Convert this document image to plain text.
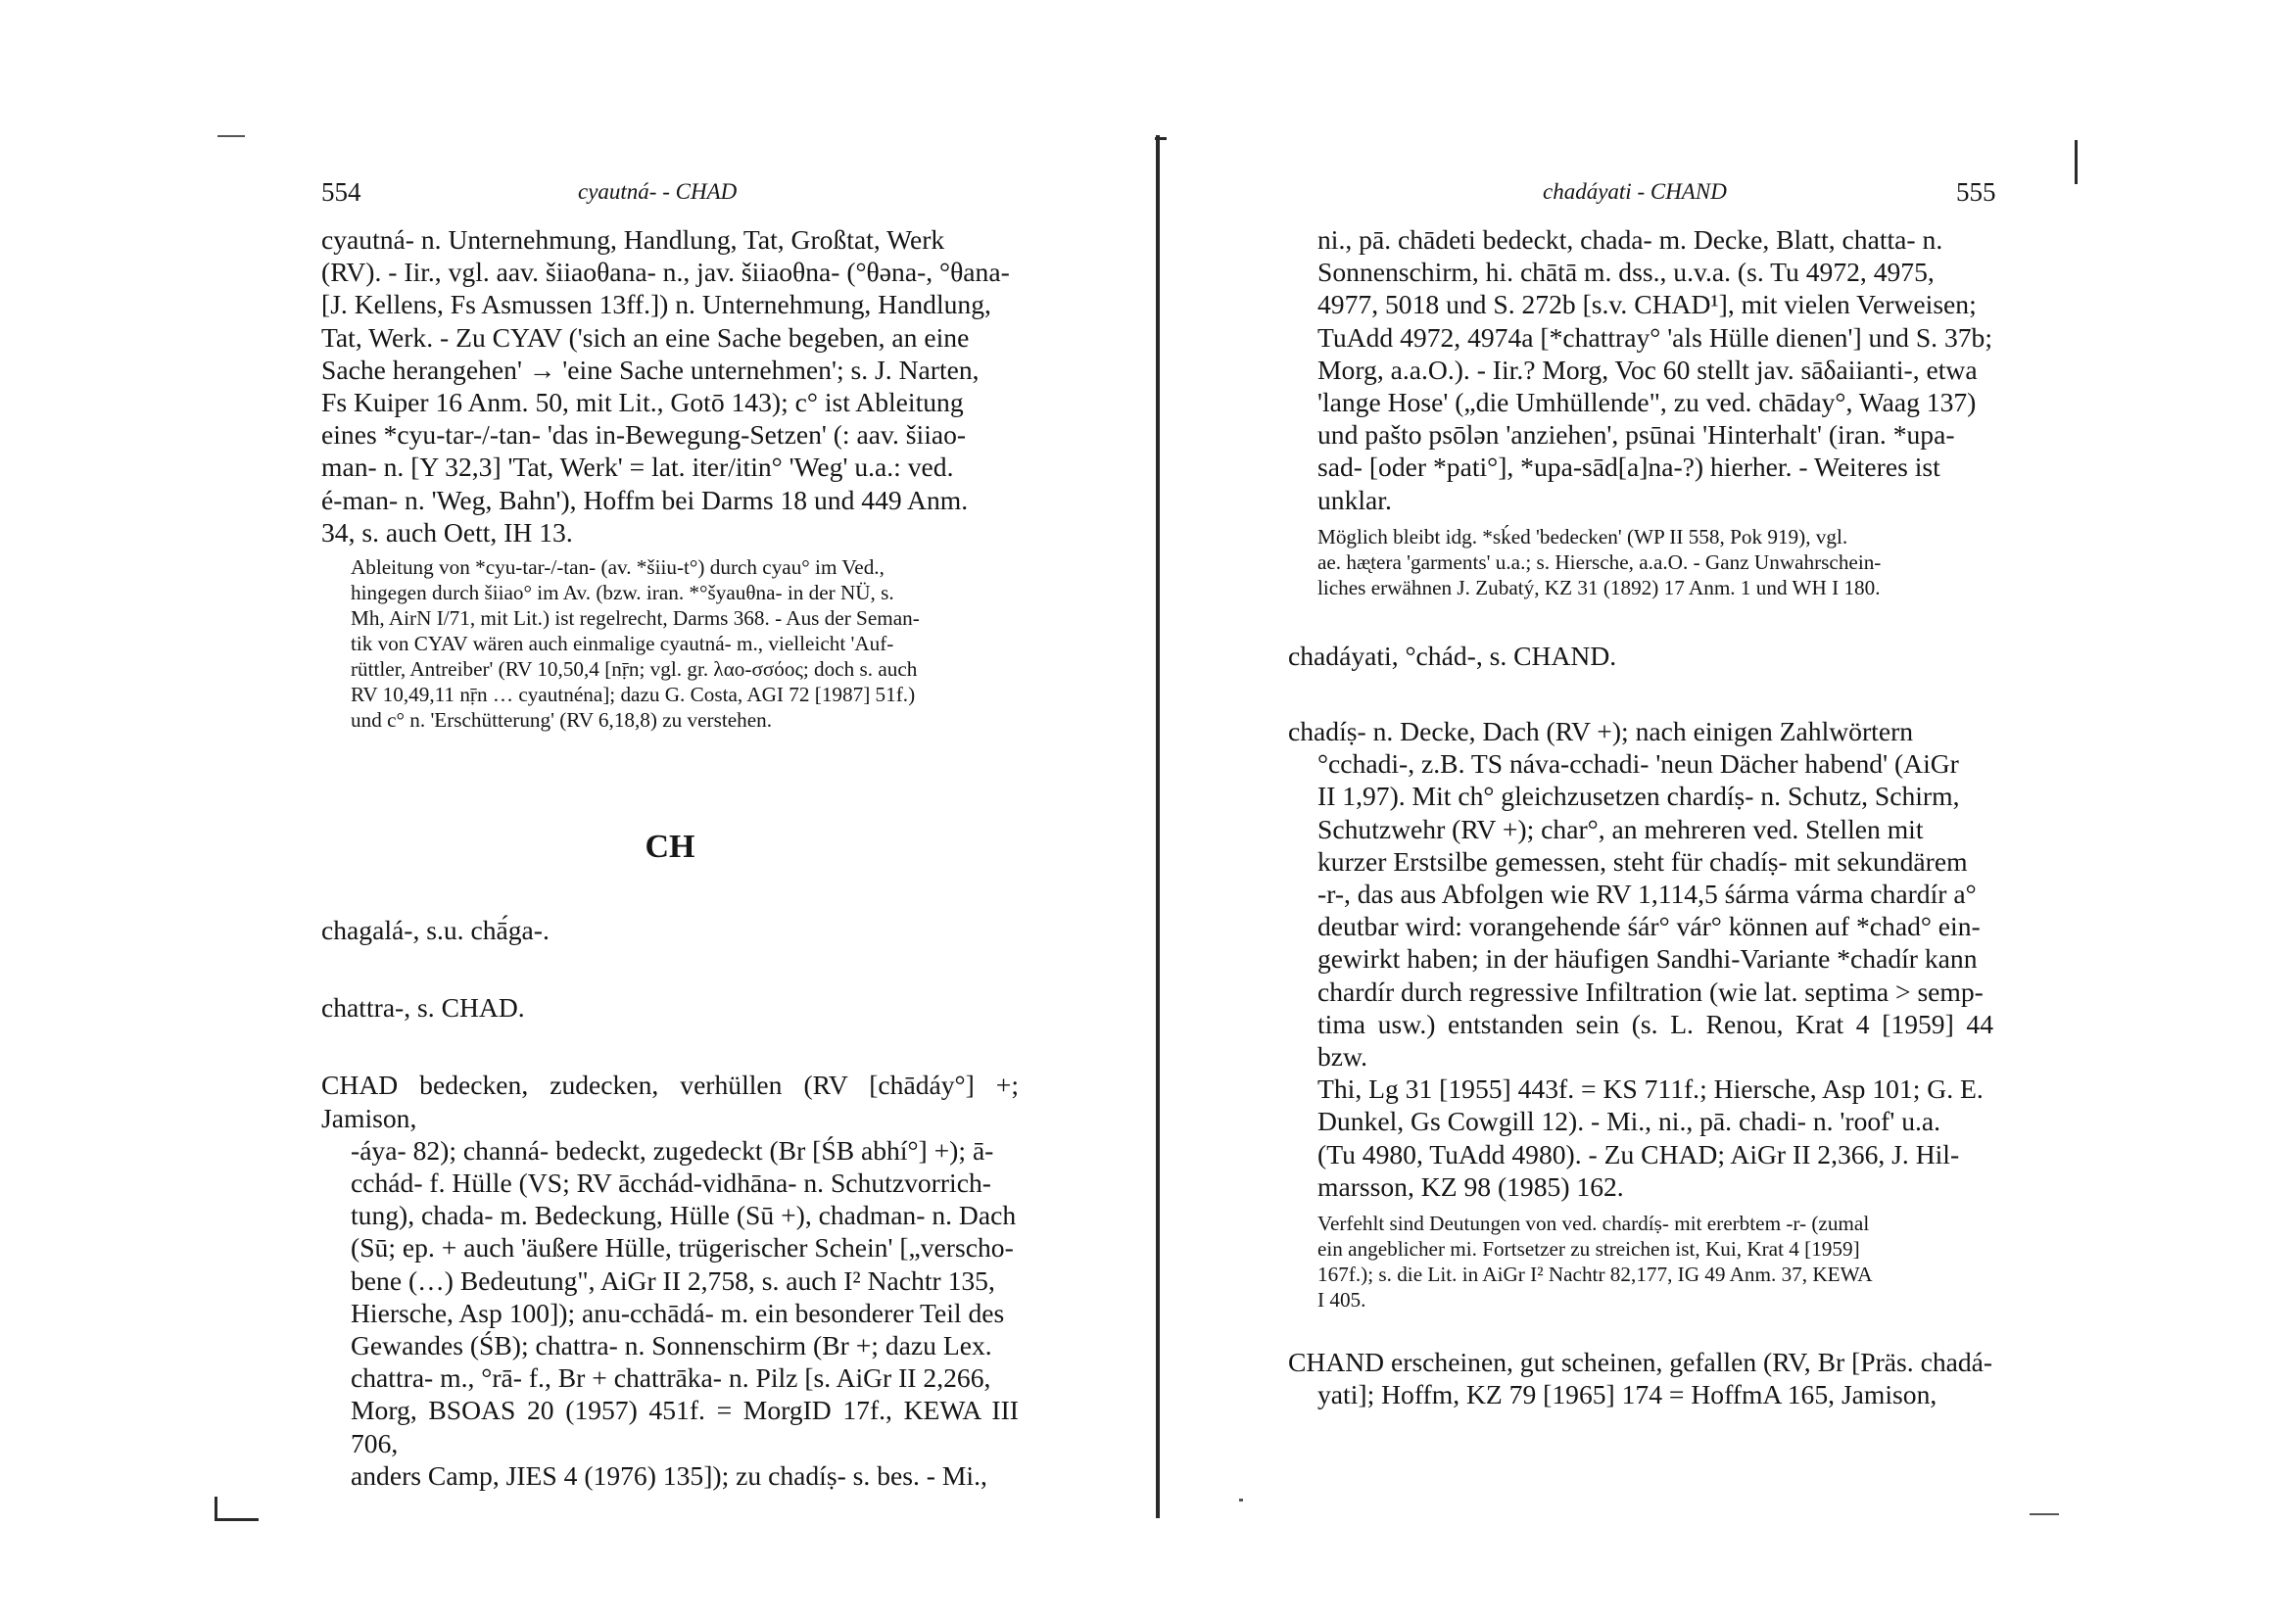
554	cyautná- - CHAD
cyautná- n. Unternehmung, Handlung, Tat, Großtat, Werk
(RV). - Iir., vgl. aav. šiiaoθana- n., jav. šiiaoθna- (°θəna-, °θana-
[J. Kellens, Fs Asmussen 13ff.]) n. Unternehmung, Handlung,
Tat, Werk. - Zu CYAV ('sich an eine Sache begeben, an eine
Sache herangehen' → 'eine Sache unternehmen'; s. J. Narten,
Fs Kuiper 16 Anm. 50, mit Lit., Gotō 143); c° ist Ableitung
eines *cyu-tar-/-tan- 'das in-Bewegung-Setzen' (: aav. šiiao-
man- n. [Y 32,3] 'Tat, Werk' = lat. iter/itin° 'Weg' u.a.: ved.
é-man- n. 'Weg, Bahn'), Hoffm bei Darms 18 und 449 Anm.
34, s. auch Oett, IH 13.
Ableitung von *cyu-tar-/-tan- (av. *šiiu-t°) durch cyau° im Ved.,
hingegen durch šiiao° im Av. (bzw. iran. *°šyauθna- in der NÜ, s.
Mh, AirN I/71, mit Lit.) ist regelrecht, Darms 368. - Aus der Seman-
tik von CYAV wären auch einmalige cyautná- m., vielleicht 'Auf-
rüttler, Antreiber' (RV 10,50,4 [nṝn; vgl. gr. λαο-σσόος; doch s. auch
RV 10,49,11 nṝn … cyautnéna]; dazu G. Costa, AGI 72 [1987] 51f.)
und c° n. 'Erschütterung' (RV 6,18,8) zu verstehen.
CH
chagalá-, s.u. chā́ga-.
chattra-, s. CHAD.
CHAD bedecken, zudecken, verhüllen (RV [chādáy°] +; Jamison,
-áya- 82); channá- bedeckt, zugedeckt (Br [ŚB abhí°] +); ā-
cchád- f. Hülle (VS; RV ācchád-vidhāna- n. Schutzvorrich-
tung), chada- m. Bedeckung, Hülle (Sū +), chadman- n. Dach
(Sū; ep. + auch 'äußere Hülle, trügerischer Schein' [„verscho-
bene (…) Bedeutung", AiGr II 2,758, s. auch I² Nachtr 135,
Hiersche, Asp 100]); anu-cchādá- m. ein besonderer Teil des
Gewandes (ŚB); chattra- n. Sonnenschirm (Br +; dazu Lex.
chattra- m., °rā- f., Br + chattrāka- n. Pilz [s. AiGr II 2,266,
Morg, BSOAS 20 (1957) 451f. = MorgID 17f., KEWA III 706,
anders Camp, JIES 4 (1976) 135]); zu chadíṣ- s. bes. - Mi.,
chadáyati - CHAND	555
ni., pā. chādeti bedeckt, chada- m. Decke, Blatt, chatta- n.
Sonnenschirm, hi. chātā m. dss., u.v.a. (s. Tu 4972, 4975,
4977, 5018 und S. 272b [s.v. CHAD¹], mit vielen Verweisen;
TuAdd 4972, 4974a [*chattray° 'als Hülle dienen'] und S. 37b;
Morg, a.a.O.). - Iir.? Morg, Voc 60 stellt jav. sāδaiianti-, etwa
'lange Hose' („die Umhüllende", zu ved. chāday°, Waag 137)
und pašto psōlən 'anziehen', psūnai 'Hinterhalt' (iran. *upa-
sad- [oder *pati°], *upa-sād[a]na-?) hierher. - Weiteres ist
unklar.
Möglich bleibt idg. *sḱed 'bedecken' (WP II 558, Pok 919), vgl.
ae. hæ̨tera 'garments' u.a.; s. Hiersche, a.a.O. - Ganz Unwahrschein-
liches erwähnen J. Zubatý, KZ 31 (1892) 17 Anm. 1 und WH I 180.
chadáyati, °chád-, s. CHAND.
chadíṣ- n. Decke, Dach (RV +); nach einigen Zahlwörtern
°cchadi-, z.B. TS náva-cchadi- 'neun Dächer habend' (AiGr
II 1,97). Mit ch° gleichzusetzen chardíṣ- n. Schutz, Schirm,
Schutzwehr (RV +); char°, an mehreren ved. Stellen mit
kurzer Erstsilbe gemessen, steht für chadíṣ- mit sekundärem
-r-, das aus Abfolgen wie RV 1,114,5 śárma várma chardír a°
deutbar wird: vorangehende śár° vár° können auf *chad° ein-
gewirkt haben; in der häufigen Sandhi-Variante *chadír kann
chardír durch regressive Infiltration (wie lat. septima > semp-
tima usw.) entstanden sein (s. L. Renou, Krat 4 [1959] 44 bzw.
Thi, Lg 31 [1955] 443f. = KS 711f.; Hiersche, Asp 101; G. E.
Dunkel, Gs Cowgill 12). - Mi., ni., pā. chadi- n. 'roof' u.a.
(Tu 4980, TuAdd 4980). - Zu CHAD; AiGr II 2,366, J. Hil-
marsson, KZ 98 (1985) 162.
Verfehlt sind Deutungen von ved. chardíṣ- mit ererbtem -r- (zumal
ein angeblicher mi. Fortsetzer zu streichen ist, Kui, Krat 4 [1959]
167f.); s. die Lit. in AiGr I² Nachtr 82,177, IG 49 Anm. 37, KEWA
I 405.
CHAND erscheinen, gut scheinen, gefallen (RV, Br [Präs. chadá-
yati]; Hoffm, KZ 79 [1965] 174 = HoffmA 165, Jamison,
